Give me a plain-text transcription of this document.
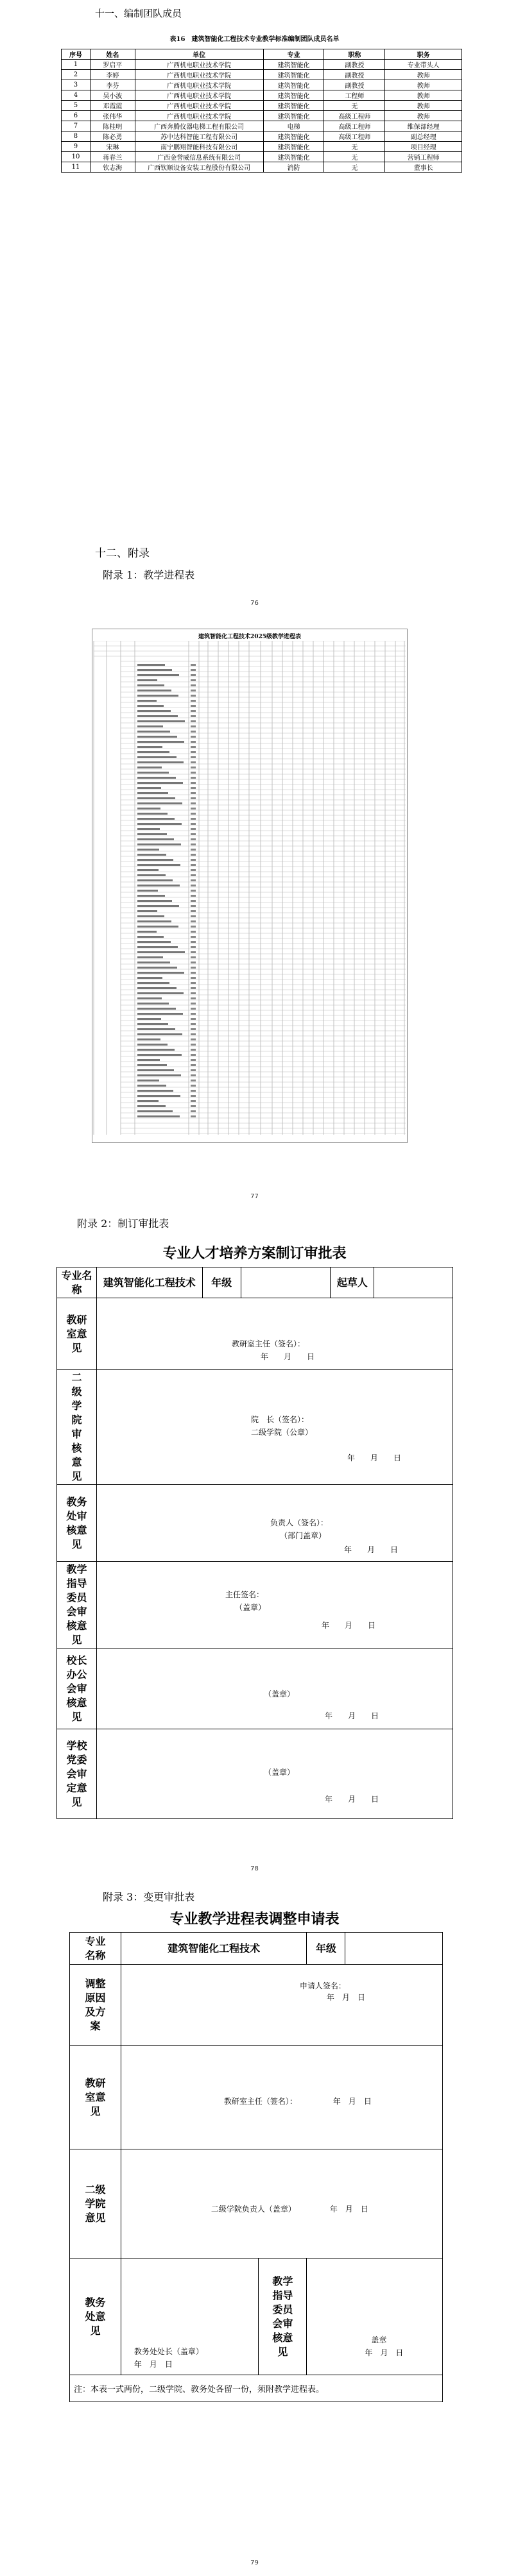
十一、编制团队成员
表16　建筑智能化工程技术专业教学标准编制团队成员名单
序号	姓名	单位	专业	职称	职务
1	罗启平	广西机电职业技术学院	建筑智能化	副教授	专业带头人
2	李婷	广西机电职业技术学院	建筑智能化	副教授	教师
3	李芬	广西机电职业技术学院	建筑智能化	副教授	教师
4	吴小波	广西机电职业技术学院	建筑智能化	工程师	教师
5	邓霞霞	广西机电职业技术学院	建筑智能化	无	教师
6	张伟华	广西机电职业技术学院	建筑智能化	高级工程师	教师
7	陈桂明	广西奔腾仪器电梯工程有限公司	电梯	高级工程师	维保部经理
8	陈必勇	苏中达科智能工程有限公司	建筑智能化	高级工程师	副总经理
9	宋琳	南宁鹏翔智能科技有限公司	建筑智能化	无	项目经理
10	蒋春兰	广西金誉威信息系统有限公司	建筑智能化	无	营销工程师
11	钦志海	广西钦顺设备安装工程股份有限公司	消防	无	董事长
十二、附录
附录 1：教学进程表
76
建筑智能化工程技术2025级教学进程表
77
附录 2：制订审批表
专业人才培养方案制订审批表
专业名称	建筑智能化工程技术	年级		起草人	

教研室意见	教研室主任（签名）：
年　　月　　日				

二级学院审核意见	院　长（签名）：
二级学院（公章）
年　　月　　日				

教务处审核意见	负责人（签名）：
（部门盖章）
年　　月　　日				

教学指导委员会审核意见	主任签名：
（盖章）
年　　月　　日				

校长办公会审核意见	（盖章）
年　　月　　日				

学校党委会审定意见	（盖章）
年　　月　　日				
78
附录 3：变更审批表
专业教学进程表调整申请表
专业名称	建筑智能化工程技术		年级	

调整原因及方案	申请人签名：
年　月　日			

教研室意见	教研室主任（签名）： 年　月　日			

二级学院意见	二级学院负责人（盖章） 年　月　日			

教务处意见	教务处处长（盖章）
年　月　日	教学指导委员会审核意见	盖章
年　月　日	

注：本表一式两份，二级学院、教务处各留一份，须附教学进程表。				
79
